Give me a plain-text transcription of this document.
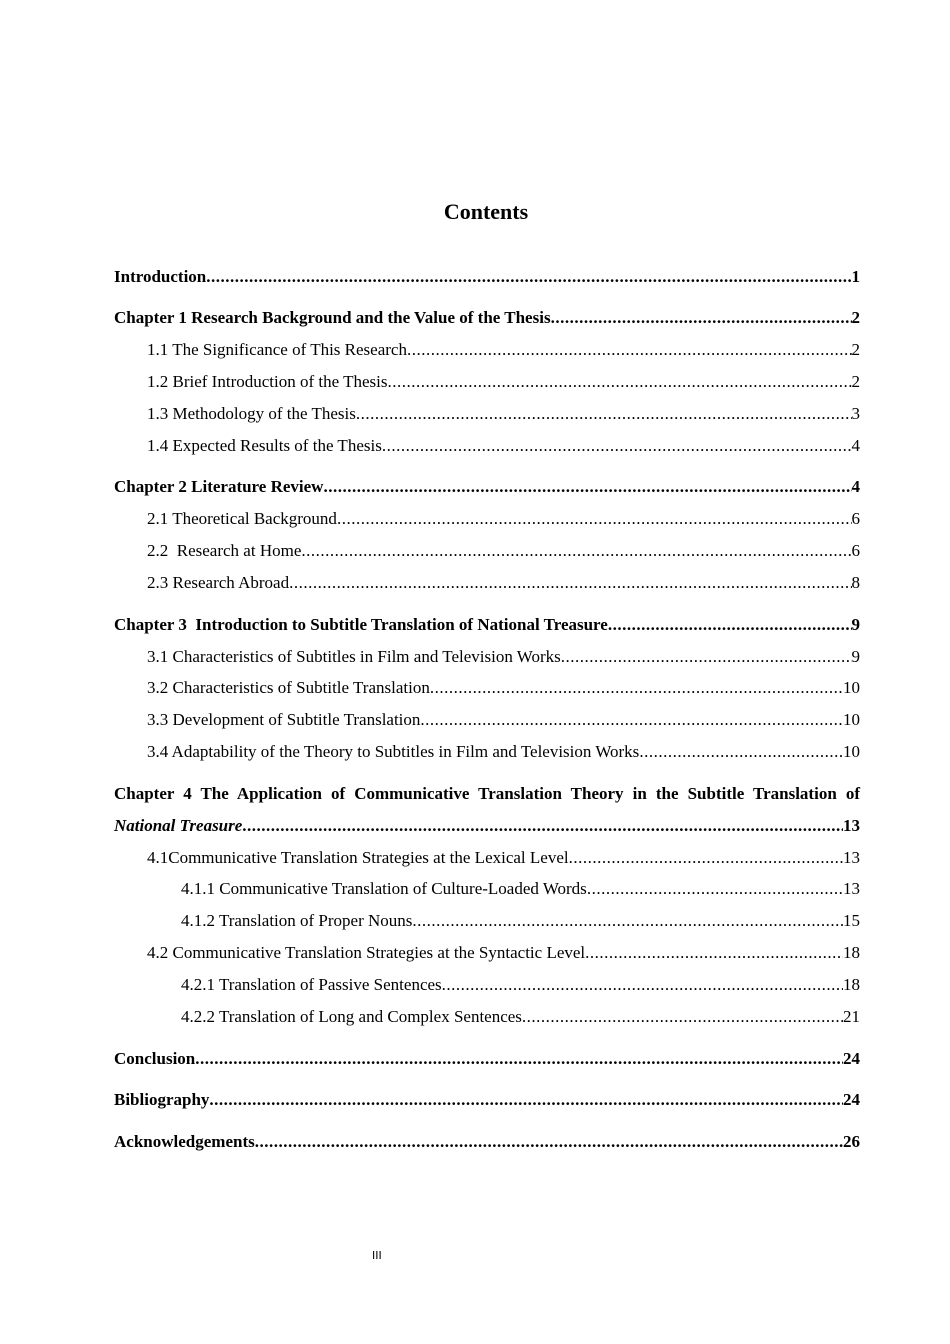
Contents
Introduction .....	1
Chapter 1 Research Background and the Value of the Thesis .....	2
1.1 The Significance of This Research .....	2
1.2 Brief Introduction of the Thesis .....	2
1.3 Methodology of the Thesis .....	3
1.4 Expected Results of the Thesis .....	4
Chapter 2 Literature Review .....	4
2.1 Theoretical Background .....	6
2.2  Research at Home .....	6
2.3 Research Abroad .....	8
Chapter 3  Introduction to Subtitle Translation of National Treasure .....	9
3.1 Characteristics of Subtitles in Film and Television Works .....	9
3.2 Characteristics of Subtitle Translation .....	10
3.3 Development of Subtitle Translation .....	10
3.4 Adaptability of the Theory to Subtitles in Film and Television Works .....	10
Chapter 4 The Application of Communicative Translation Theory in the Subtitle Translation of
National Treasure .....	13
4.1Communicative Translation Strategies at the Lexical Level .....	13
4.1.1 Communicative Translation of Culture-Loaded Words .....	13
4.1.2 Translation of Proper Nouns .....	15
4.2 Communicative Translation Strategies at the Syntactic Level .....	18
4.2.1 Translation of Passive Sentences .....	18
4.2.2 Translation of Long and Complex Sentences .....	21
Conclusion .....	24
Bibliography .....	24
Acknowledgements .....	26
III
